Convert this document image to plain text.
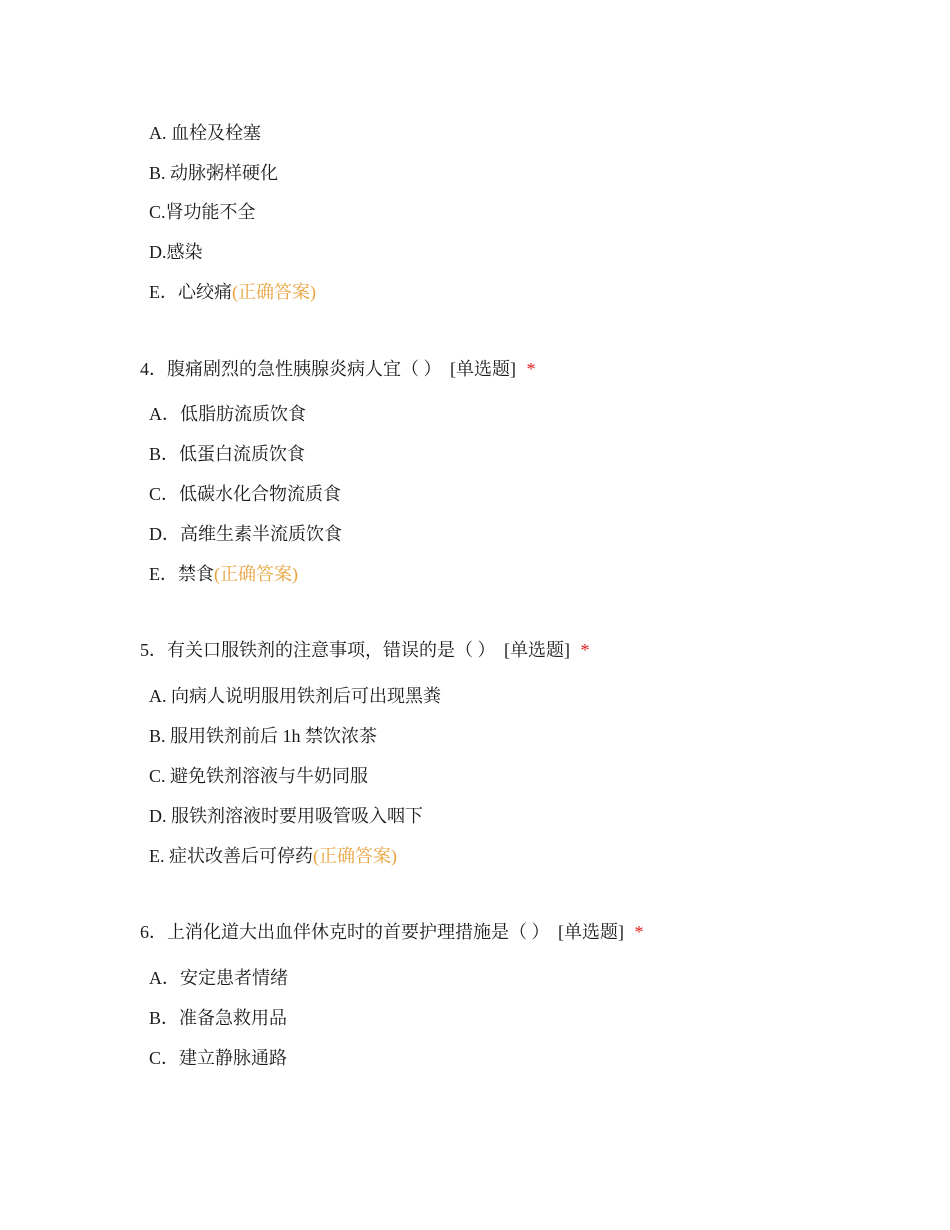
A. 血栓及栓塞
B. 动脉粥样硬化
C.肾功能不全
D.感染
E．心绞痛(正确答案)
4．腹痛剧烈的急性胰腺炎病人宜（ ） [单选题] *
A．低脂肪流质饮食
B．低蛋白流质饮食
C．低碳水化合物流质食
D．高维生素半流质饮食
E．禁食(正确答案)
5．有关口服铁剂的注意事项，错误的是（ ） [单选题] *
A. 向病人说明服用铁剂后可出现黑粪
B. 服用铁剂前后 1h 禁饮浓茶
C. 避免铁剂溶液与牛奶同服
D. 服铁剂溶液时要用吸管吸入咽下
E. 症状改善后可停药(正确答案)
6．上消化道大出血伴休克时的首要护理措施是（ ） [单选题] *
A．安定患者情绪
B．准备急救用品
C．建立静脉通路
